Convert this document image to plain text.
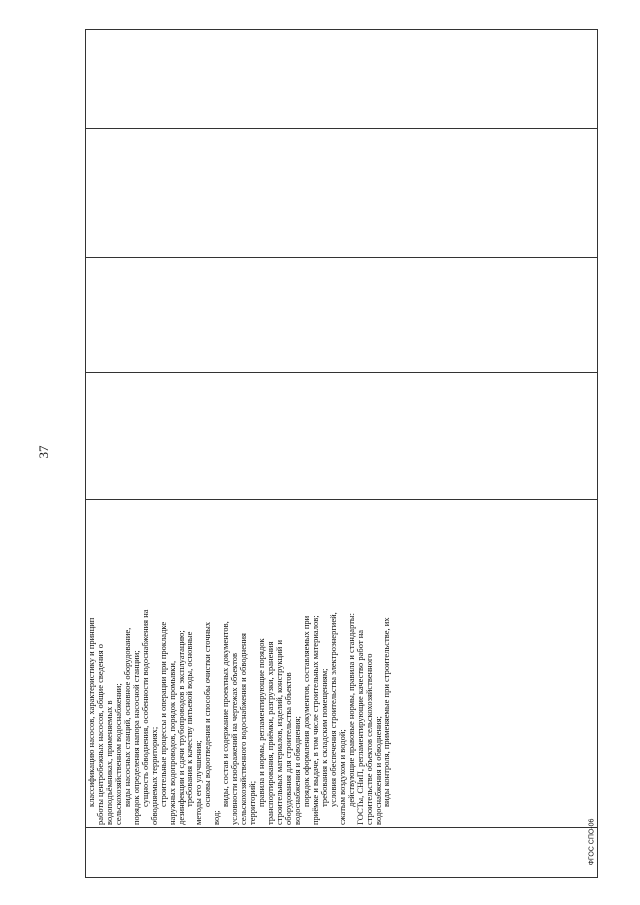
37
классификацию насосов, характеристику и принцип
работы центробежных насосов, общие сведения о
водоподъёмниках, применяемых в
сельскохозяйственном водоснабжении;
виды насосных станций, основное оборудование,
порядок определения напора насосной станции;
сущность обводнения, особенности водоснабжения на
обводняемых территориях;
строительные процессы и операции при прокладке
наружных водопроводов, порядок промывки,
дезинфекции и сдачи трубопроводов в эксплуатацию;
требования к качеству питьевой воды, основные
методы его улучшения;
основы водоотведения и способы очистки сточных
вод;
виды, состав и содержание проектных документов,
условности изображений на чертежах объектов
сельскохозяйственного водоснабжения и обводнения
территорий;
правила и нормы, регламентирующие порядок
транспортирования, приёмки, разгрузки, хранения
строительных материалов, изделий, конструкций и
оборудования для строительства объектов
водоснабжения и обводнения;
порядок оформления документов, составляемых при
приёмке и выдаче, в том числе строительных материалов;
требования к складским помещениям;
условия обеспечения строительства электроэнергией,
сжатым воздухом и водой;
действующие правовые нормы, правила и стандарты:
ГОСТы, СНиП, регламентирующие качество работ на
строительстве объектов сельскохозяйственного
водоснабжения и обводнения;
виды контроля, применяемые при строительстве, их
ФГОС СПО-06
